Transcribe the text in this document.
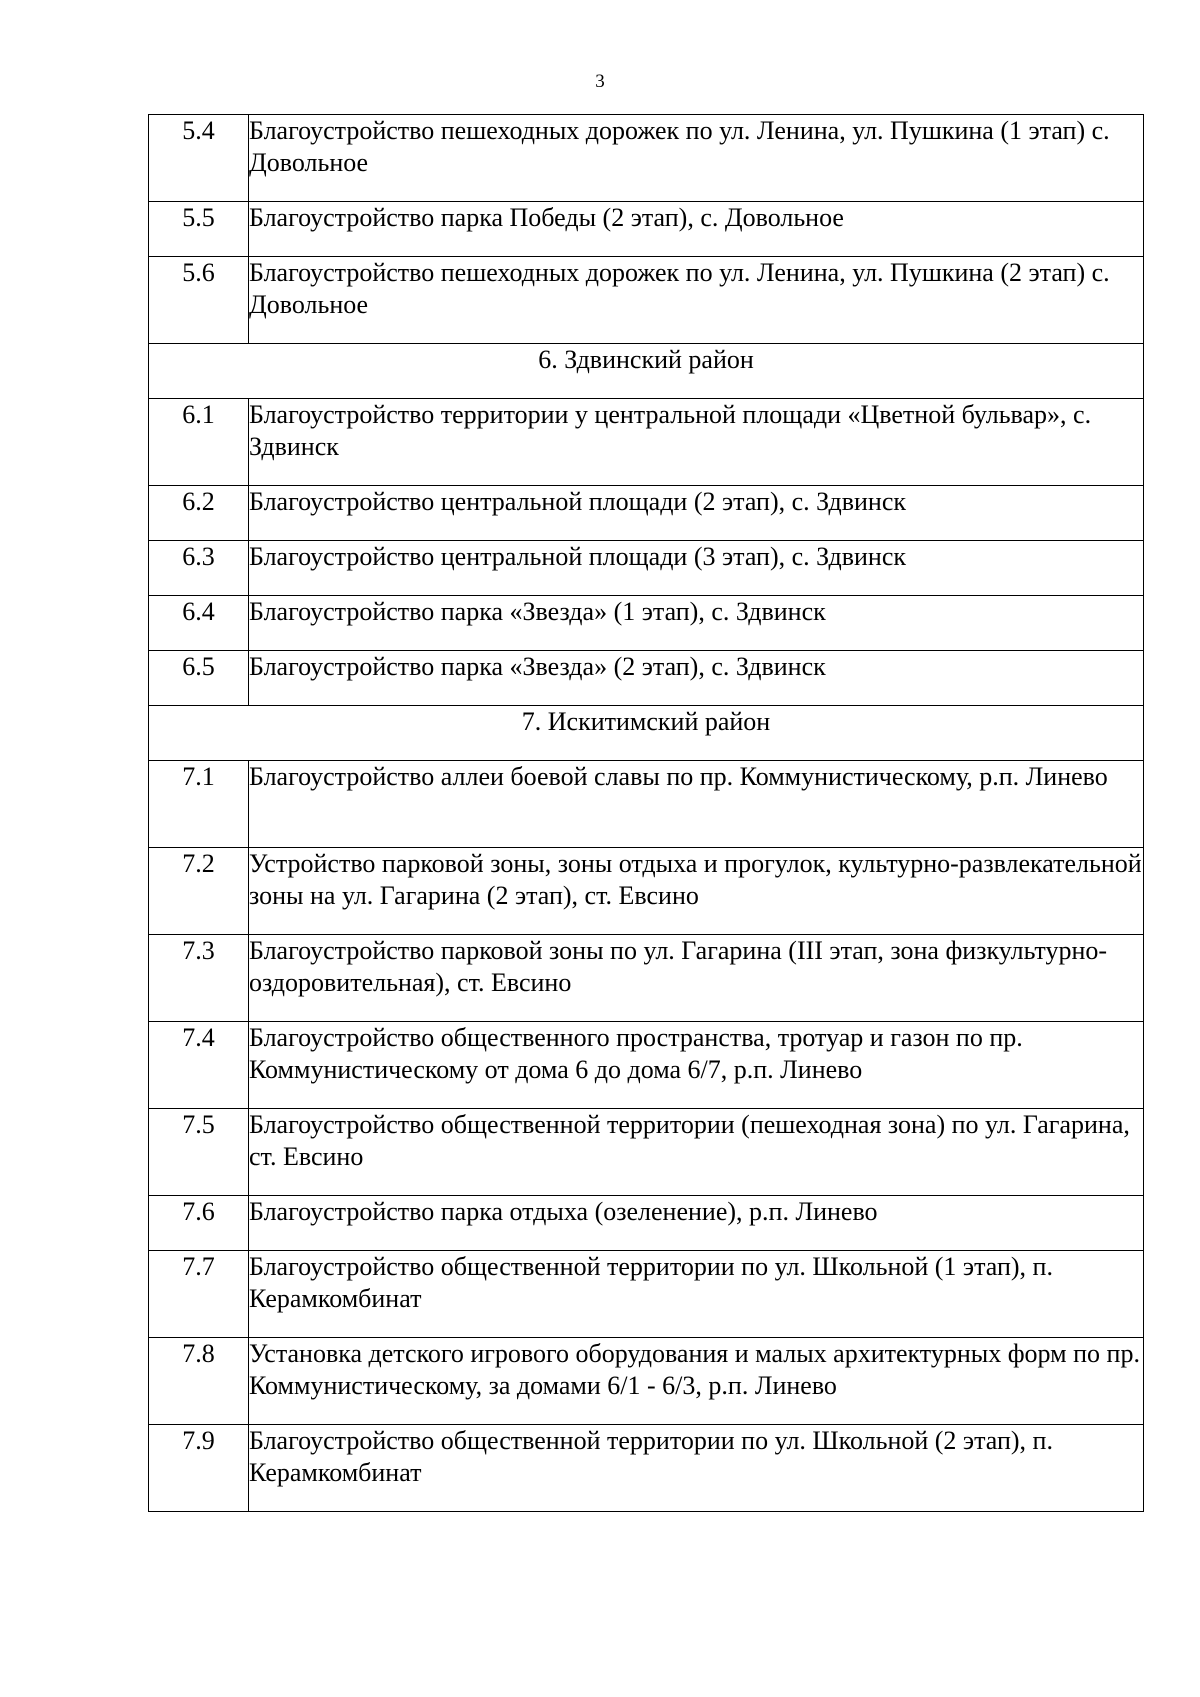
3
5.4	Благоустройство пешеходных дорожек по ул. Ленина, ул. Пушкина (1 этап) с. Довольное
5.5	Благоустройство парка Победы (2 этап), с. Довольное
5.6	Благоустройство пешеходных дорожек по ул. Ленина, ул. Пушкина (2 этап) с. Довольное
6. Здвинский район	
6.1	Благоустройство территории у центральной площади «Цветной бульвар», с. Здвинск
6.2	Благоустройство центральной площади (2 этап), с. Здвинск
6.3	Благоустройство центральной площади (3 этап), с. Здвинск
6.4	Благоустройство парка «Звезда» (1 этап), с. Здвинск
6.5	Благоустройство парка «Звезда» (2 этап), с. Здвинск
7. Искитимский район	
7.1	Благоустройство аллеи боевой славы по пр. Коммунистическому, р.п. Линево
7.2	Устройство парковой зоны, зоны отдыха и прогулок, культурно-развлекательной зоны на ул. Гагарина (2 этап), ст. Евсино
7.3	Благоустройство парковой зоны по ул. Гагарина (III этап, зона физкультурно-оздоровительная), ст. Евсино
7.4	Благоустройство общественного пространства, тротуар и газон по пр. Коммунистическому от дома 6 до дома 6/7, р.п. Линево
7.5	Благоустройство общественной территории (пешеходная зона) по ул. Гагарина, ст. Евсино
7.6	Благоустройство парка отдыха (озеленение), р.п. Линево
7.7	Благоустройство общественной территории по ул. Школьной (1 этап), п. Керамкомбинат
7.8	Установка детского игрового оборудования и малых архитектурных форм по пр. Коммунистическому, за домами 6/1 - 6/3, р.п. Линево
7.9	Благоустройство общественной территории по ул. Школьной (2 этап), п. Керамкомбинат
